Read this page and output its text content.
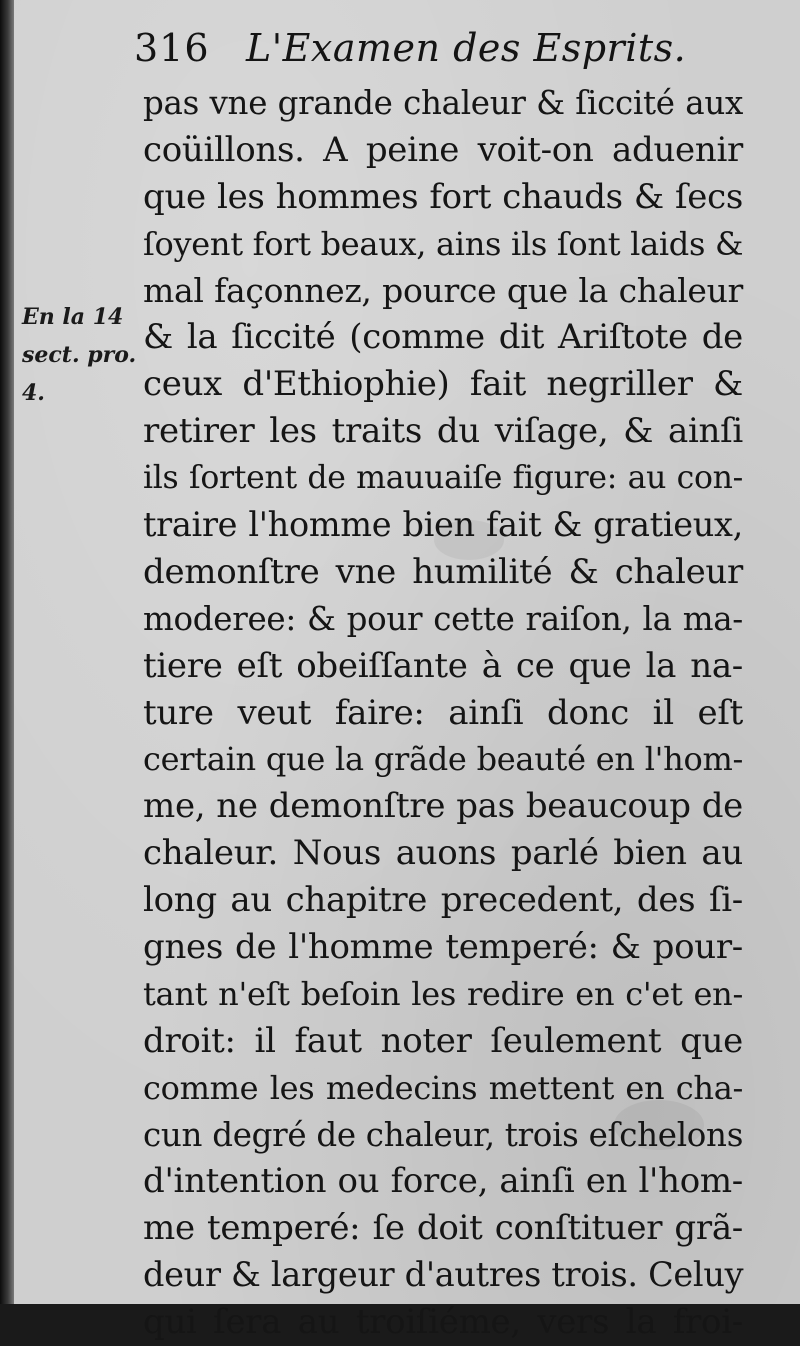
316 L'Examen des Esprits.
En la 14
sect. pro.
4.
pas vne grande chaleur & ſiccité aux
coüillons. A peine voit-on aduenir
que les hommes fort chauds & ſecs
ſoyent fort beaux, ains ils ſont laids &
mal façonnez, pource que la chaleur
& la ſiccité (comme dit Ariſtote de
ceux d'Ethiophie) fait negriller &
retirer les traits du viſage, & ainſi
ils ſortent de mauuaiſe figure: au con-
traire l'homme bien fait & gratieux,
demonſtre vne humilité & chaleur
moderee: & pour cette raiſon, la ma-
tiere eſt obeiſſante à ce que la na-
ture veut faire: ainſi donc il eſt
certain que la grãde beauté en l'hom-
me, ne demonſtre pas beaucoup de
chaleur. Nous auons parlé bien au
long au chapitre precedent, des ſi-
gnes de l'homme temperé: & pour-
tant n'eſt beſoin les redire en c'et en-
droit: il faut noter ſeulement que
comme les medecins mettent en cha-
cun degré de chaleur, trois eſchelons
d'intention ou force, ainſi en l'hom-
me temperé: ſe doit conſtituer grã-
deur & largeur d'autres trois. Celuy
qui ſera au troiſiéme, vers la froi-
